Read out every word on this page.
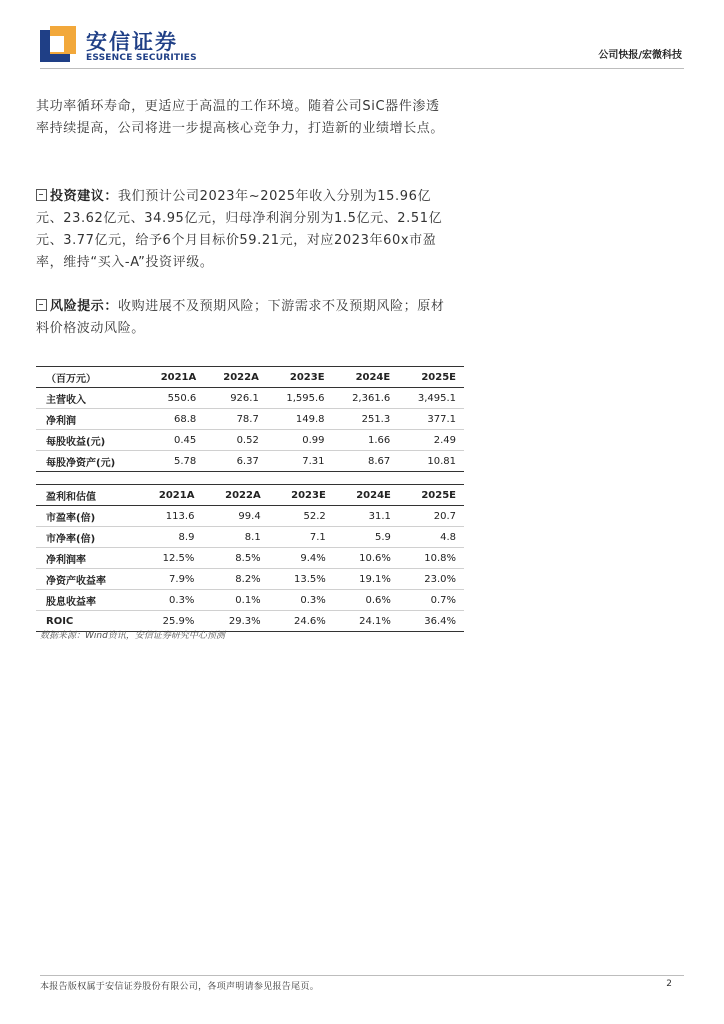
安信证券
ESSENCE SECURITIES	公司快报/宏微科技
其功率循环寿命，更适应于高温的工作环境。随着公司SiC器件渗透率持续提高，公司将进一步提高核心竞争力，打造新的业绩增长点。
投资建议：我们预计公司2023年~2025年收入分别为15.96亿元、23.62亿元、34.95亿元，归母净利润分别为1.5亿元、2.51亿元、3.77亿元，给予6个月目标价59.21元，对应2023年60x市盈率，维持“买入-A”投资评级。
风险提示：收购进展不及预期风险；下游需求不及预期风险；原材料价格波动风险。
（百万元）	2021A	2022A	2023E	2024E	2025E
主营收入	550.6	926.1	1,595.6	2,361.6	3,495.1
净利润	68.8	78.7	149.8	251.3	377.1
每股收益(元)	0.45	0.52	0.99	1.66	2.49
每股净资产(元)	5.78	6.37	7.31	8.67	10.81
盈利和估值	2021A	2022A	2023E	2024E	2025E
市盈率(倍)	113.6	99.4	52.2	31.1	20.7
市净率(倍)	8.9	8.1	7.1	5.9	4.8
净利润率	12.5%	8.5%	9.4%	10.6%	10.8%
净资产收益率	7.9%	8.2%	13.5%	19.1%	23.0%
股息收益率	0.3%	0.1%	0.3%	0.6%	0.7%
ROIC	25.9%	29.3%	24.6%	24.1%	36.4%
数据来源：Wind资讯，安信证券研究中心预测
本报告版权属于安信证券股份有限公司，各项声明请参见报告尾页。	2
